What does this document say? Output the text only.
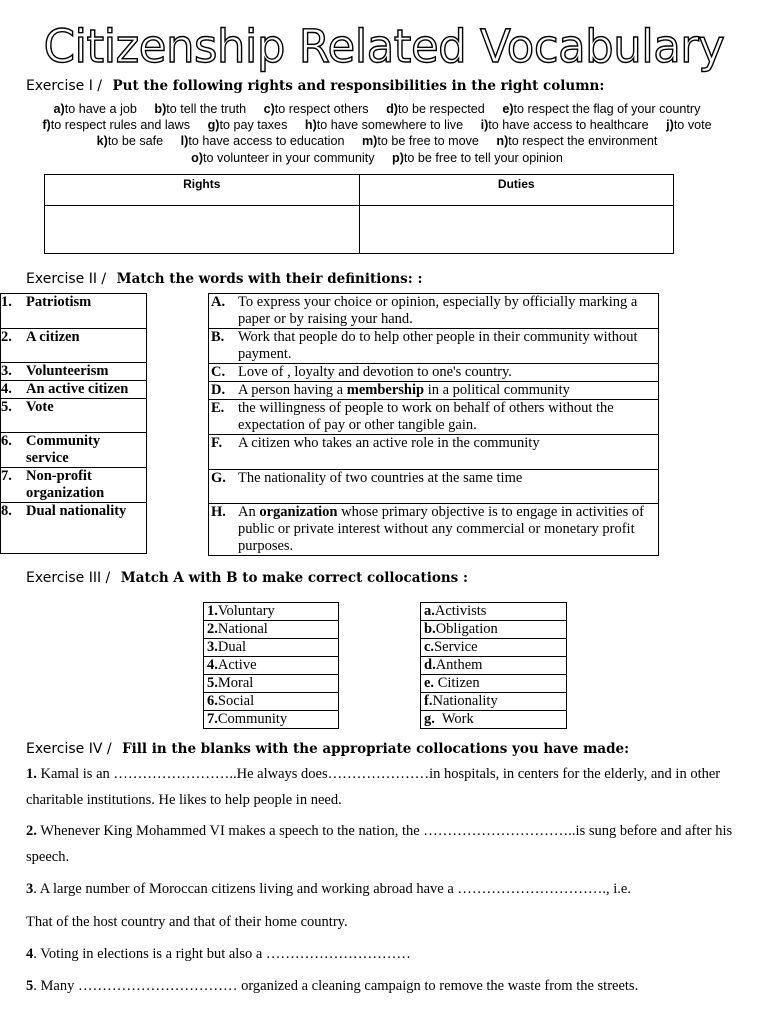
Citizenship Related Vocabulary
Exercise I / Put the following rights and responsibilities in the right column:
a)to have a job b)to tell the truth c)to respect others d)to be respected e)to respect the flag of your country f)to respect rules and laws g)to pay taxes h)to have somewhere to live i)to have access to healthcare j)to vote k)to be safe l)to have access to education m)to be free to move n)to respect the environment o)to volunteer in your community p)to be free to tell your opinion
Rights	Duties

Exercise II / Match the words with their definitions: :
1. Patriotism
2. A citizen
3. Volunteerism
4. An active citizen
5. Vote
6. Community service
7. Non-profit organization
8. Dual nationality
A. To express your choice or opinion, especially by officially marking a paper or by raising your hand.
B. Work that people do to help other people in their community without payment.
C. Love of , loyalty and devotion to one's country.
D. A person having a membership in a political community
E. the willingness of people to work on behalf of others without the expectation of pay or other tangible gain.
F. A citizen who takes an active role in the community
G. The nationality of two countries at the same time
H. An organization whose primary objective is to engage in activities of public or private interest without any commercial or monetary profit purposes.
Exercise III / Match A with B to make correct collocations :
1.Voluntary
2.National
3.Dual
4.Active
5.Moral
6.Social
7.Community
a.Activists
b.Obligation
c.Service
d.Anthem
e. Citizen
f.Nationality
g.  Work
Exercise IV / Fill in the blanks with the appropriate collocations you have made:
1. Kamal is an ……………………..He always does…………………in hospitals, in centers for the elderly, and in other charitable institutions. He likes to help people in need.
2. Whenever King Mohammed VI makes a speech to the nation, the …………………………..is sung before and after his speech.
3. A large number of Moroccan citizens living and working abroad have a …………………………., i.e.
That of the host country and that of their home country.
4. Voting in elections is a right but also a …………………………
5. Many …………………………… organized a cleaning campaign to remove the waste from the streets.
